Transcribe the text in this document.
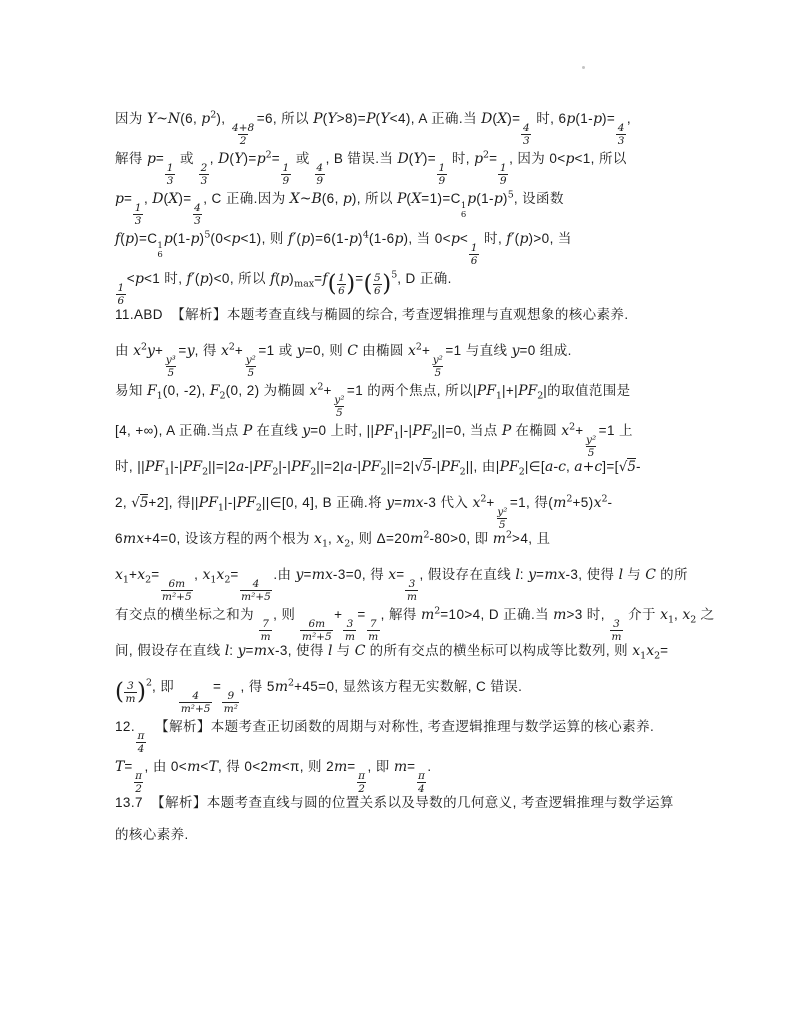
因为 Y~N(6, $p^2$),
$\frac{4+8}{2}$
=6, 所以 P(Y>8)=P(Y<4), A 正确.当 D(X)=
$\frac{4}{3}$
时, 6p(1-p)=
$\frac{4}{3}$
,
解得 p=
$\frac{1}{3}$
或
$\frac{2}{3}$
, $D(Y)=p^2=$
$\frac{1}{9}$
或
$\frac{4}{9}$
, B 错误.当 D(Y)=
$\frac{1}{9}$
时, $p^2=$
$\frac{1}{9}$
, 因为 0<p<1, 所以
p=
$\frac{1}{3}$
, D(X)=
$\frac{4}{3}$
, C 正确.因为 X~B(6, p), 所以 P(X=1)=C 1
6
$p(1-p)^5$, 设函数
f(p)=C 1
6
$p(1-p)^5(0<p<1)$, 则 $f'(p)=6(1-p)^4(1-6p)$, 当 0<p<
$\frac{1}{6}$
时, f′(p)>0, 当
$\frac{1}{6}$
<p<1 时, f′(p)<0, 所以 $f(p)_{max}=f$ ( $\frac{1}{6}$ ) = ( $\frac{5}{6}$ ) $^5$, D 正确.
11.ABD  【解析】本题考查直线与椭圆的综合, 考查逻辑推理与直观想象的核心素养.
由 $x^2y+$
$\frac{\text{y³}}{5}$
=y, 得 $x^2+$
$\frac{\text{y²}}{5}$
=1 或 y=0, 则 C 由椭圆 $x^2+$
$\frac{\text{y²}}{5}$
=1 与直线 y=0 组成.
易知 $F_1(0$, -2), $F_2(0$, 2) 为椭圆 $x^2+$
$\frac{\text{y²}}{5}$
=1 的两个焦点, 所以$|PF_1|+|PF_2|$的取值范围是
[4, +∞), A 正确.当点 P 在直线 y=0 上时, $||PF_1|-|PF_2||=0$, 当点 P 在椭圆 $x^2+$
$\frac{\text{y²}}{5}$
=1 上
时, $||PF_1|-|PF_2||=|2a-|PF_2|-|PF_2||=2|a-|PF_2||=2|√5-|PF_2||$, 由$|PF_2|\in[a-c$, a+c]=[√5-
2, √5+2], 得$||PF_1|-|PF_2||\in[0$, 4], B 正确.将 y=mx-3 代入 $x^2+$
$\frac{\text{y²}}{5}$
=1, 得$(m^2+5)x^2-$
6mx+4=0, 设该方程的两个根为 $x_1$, $x_2$, 则 $\Delta=20m^2-80>0$, 即 $m^2>4$, 且
$x_1+x_2=$
$\frac{6m}{\text{m²+5}}$
, $x_1x_2=$
$\frac{4}{\text{m²+5}}$
.由 y=mx-3=0, 得 x=
$\frac{3}{m}$
, 假设存在直线 l: y=mx-3, 使得 l 与 C 的所
有交点的横坐标之和为
$\frac{7}{m}$
, 则
$\frac{6m}{\text{m²+5}}$
+
$\frac{3}{m}$
=
$\frac{7}{m}$
, 解得 $m^2=10>4$, D 正确.当 m>3 时,
$\frac{3}{m}$
介于 $x_1$, $x_2$ 之
间, 假设存在直线 l: y=mx-3, 使得 l 与 C 的所有交点的横坐标可以构成等比数列, 则 $x_1x_2=$
( $\frac{3}{m}$ ) $^2$, 即
$\frac{4}{\text{m²+5}}$
=
$\frac{9}{\text{m²}}$
, 得 $5m^2+45=0$, 显然该方程无实数解, C 错误.
12.
$\frac{\pi}{4}$
【解析】本题考查正切函数的周期与对称性, 考查逻辑推理与数学运算的核心素养.
T=
$\frac{\pi}{2}$
, 由 0<m<T, 得 0<2m<π, 则 2m=
$\frac{\pi}{2}$
, 即 m=
$\frac{\pi}{4}$
.
13.7  【解析】本题考查直线与圆的位置关系以及导数的几何意义, 考查逻辑推理与数学运算
的核心素养.
